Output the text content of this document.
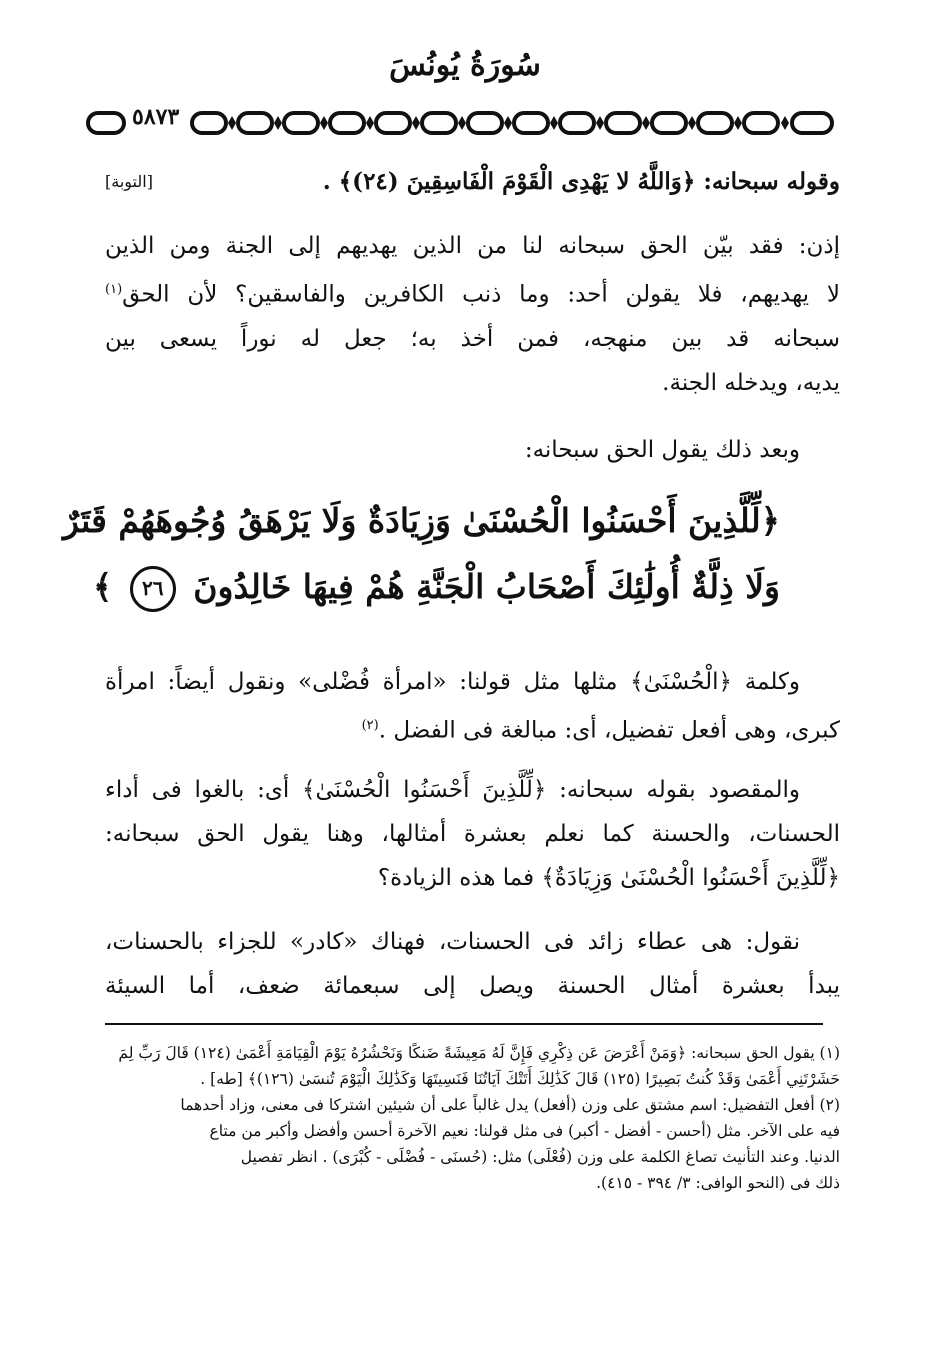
سُورَةُ يُونُسَ
٥٨٧٣
وقوله سبحانه: ﴿وَاللَّهُ لا يَهْدِى الْقَوْمَ الْفَاسِقِينَ (٢٤)﴾ .
[التوبة]
إذن: فقد بيّن الحق سبحانه لنا من الذين يهديهم إلى الجنة ومن الذين
لا يهديهم، فلا يقولن أحد: وما ذنب الكافرين والفاسقين؟ لأن الحق$^{(١)}$
سبحانه قد بين منهجه، فمن أخذ به؛ جعل له نوراً يسعى بين
يديه، ويدخله الجنة.
وبعد ذلك يقول الحق سبحانه:
﴿لِّلَّذِينَ أَحْسَنُوا الْحُسْنَىٰ وَزِيَادَةٌ وَلَا يَرْهَقُ وُجُوهَهُمْ قَتَرٌ
وَلَا ذِلَّةٌ أُولَٰئِكَ أَصْحَابُ الْجَنَّةِ هُمْ فِيهَا خَالِدُونَ ٢٦ ﴾
وكلمة ﴿الْحُسْنَىٰ﴾ مثلها مثل قولنا: «امرأة فُضْلى» ونقول أيضاً: امرأة
كبرى، وهى أفعل تفضيل، أى: مبالغة فى الفضل .$^{(٢)}$
والمقصود بقوله سبحانه: ﴿لِّلَّذِينَ أَحْسَنُوا الْحُسْنَىٰ﴾ أى: بالغوا فى أداء
الحسنات، والحسنة كما نعلم بعشرة أمثالها، وهنا يقول الحق سبحانه:
﴿لِّلَّذِينَ أَحْسَنُوا الْحُسْنَىٰ وَزِيَادَةٌ﴾ فما هذه الزيادة؟
نقول: هى عطاء زائد فى الحسنات، فهناك «كادر» للجزاء بالحسنات،
يبدأ بعشرة أمثال الحسنة ويصل إلى سبعمائة ضعف، أما السيئة
(١) يقول الحق سبحانه: ﴿وَمَنْ أَعْرَضَ عَن ذِكْرِي فَإِنَّ لَهُ مَعِيشَةً ضَنكًا وَنَحْشُرُهُ يَوْمَ الْقِيَامَةِ أَعْمَىٰ (١٢٤) قَالَ رَبِّ لِمَ
حَشَرْتَنِي أَعْمَىٰ وَقَدْ كُنتُ بَصِيرًا (١٢٥) قَالَ كَذَٰلِكَ أَتَتْكَ آيَاتُنَا فَنَسِيتَهَا وَكَذَٰلِكَ الْيَوْمَ تُنسَىٰ (١٢٦)﴾ [طه] .
(٢) أفعل التفضيل: اسم مشتق على وزن (أفعل) يدل غالباً على أن شيئين اشتركا فى معنى، وزاد أحدهما
فيه على الآخر. مثل (أحسن - أفضل - أكبر) فى مثل قولنا: نعيم الآخرة أحسن وأفضل وأكبر من متاع
الدنيا. وعند التأنيث تصاغ الكلمة على وزن (فُعْلَى) مثل: (حُسنَى - فُضْلَى - كُبْرَى) . انظر تفصيل
ذلك فى (النحو الوافى: ٣/ ٣٩٤ - ٤١٥).
